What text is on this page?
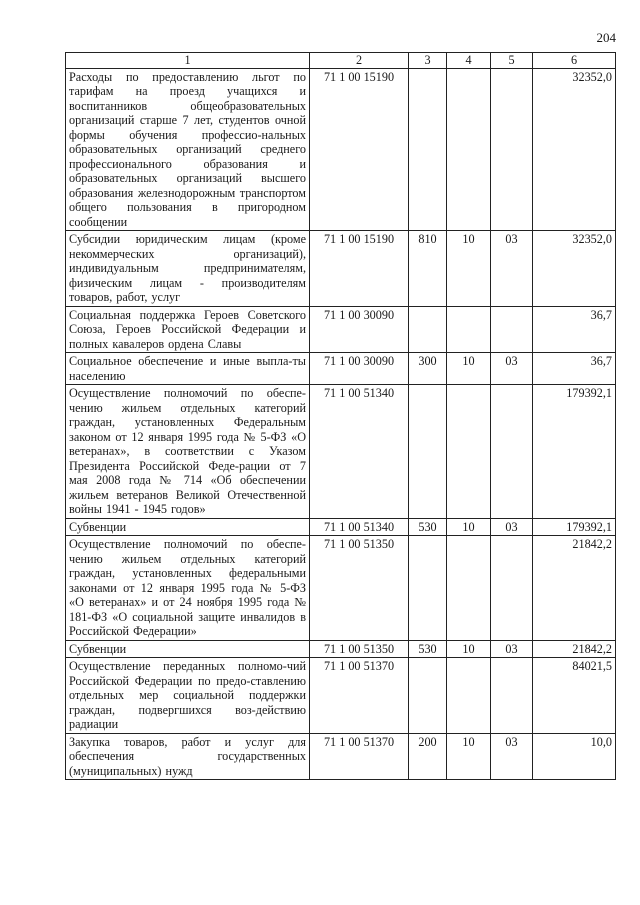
204
1	2	3	4	5	6
Расходы по предоставлению льгот по тарифам на проезд учащихся и воспитанников общеобразовательных организаций старше 7 лет, студентов очной формы обучения профессио-нальных образовательных организаций среднего профессионального образования и образовательных организаций высшего образования железнодорожным транспортом общего пользования в пригородном сообщении	71 1 00 15190				32352,0
Субсидии юридическим лицам (кроме некоммерческих организаций), индивидуальным предпринимателям, физическим лицам - производителям товаров, работ, услуг	71 1 00 15190	810	10	03	32352,0
Социальная поддержка Героев Советского Союза, Героев Российской Федерации и полных кавалеров ордена Славы	71 1 00 30090				36,7
Социальное обеспечение и иные выпла-ты населению	71 1 00 30090	300	10	03	36,7
Осуществление полномочий по обеспе-чению жильем отдельных категорий граждан, установленных Федеральным законом от 12 января 1995 года № 5-ФЗ «О ветеранах», в соответствии с Указом Президента Российской Феде-рации от 7 мая 2008 года № 714 «Об обеспечении жильем ветеранов Великой Отечественной войны 1941 - 1945 годов»	71 1 00 51340				179392,1
Субвенции	71 1 00 51340	530	10	03	179392,1
Осуществление полномочий по обеспе-чению жильем отдельных категорий граждан, установленных федеральными законами от 12 января 1995 года № 5-ФЗ «О ветеранах» и от 24 ноября 1995 года № 181-ФЗ «О социальной защите инвалидов в Российской Федерации»	71 1 00 51350				21842,2
Субвенции	71 1 00 51350	530	10	03	21842,2
Осуществление переданных полномо-чий Российской Федерации по предо-ставлению отдельных мер социальной поддержки граждан, подвергшихся воз-действию радиации	71 1 00 51370				84021,5
Закупка товаров, работ и услуг для обеспечения государственных (муниципальных) нужд	71 1 00 51370	200	10	03	10,0
